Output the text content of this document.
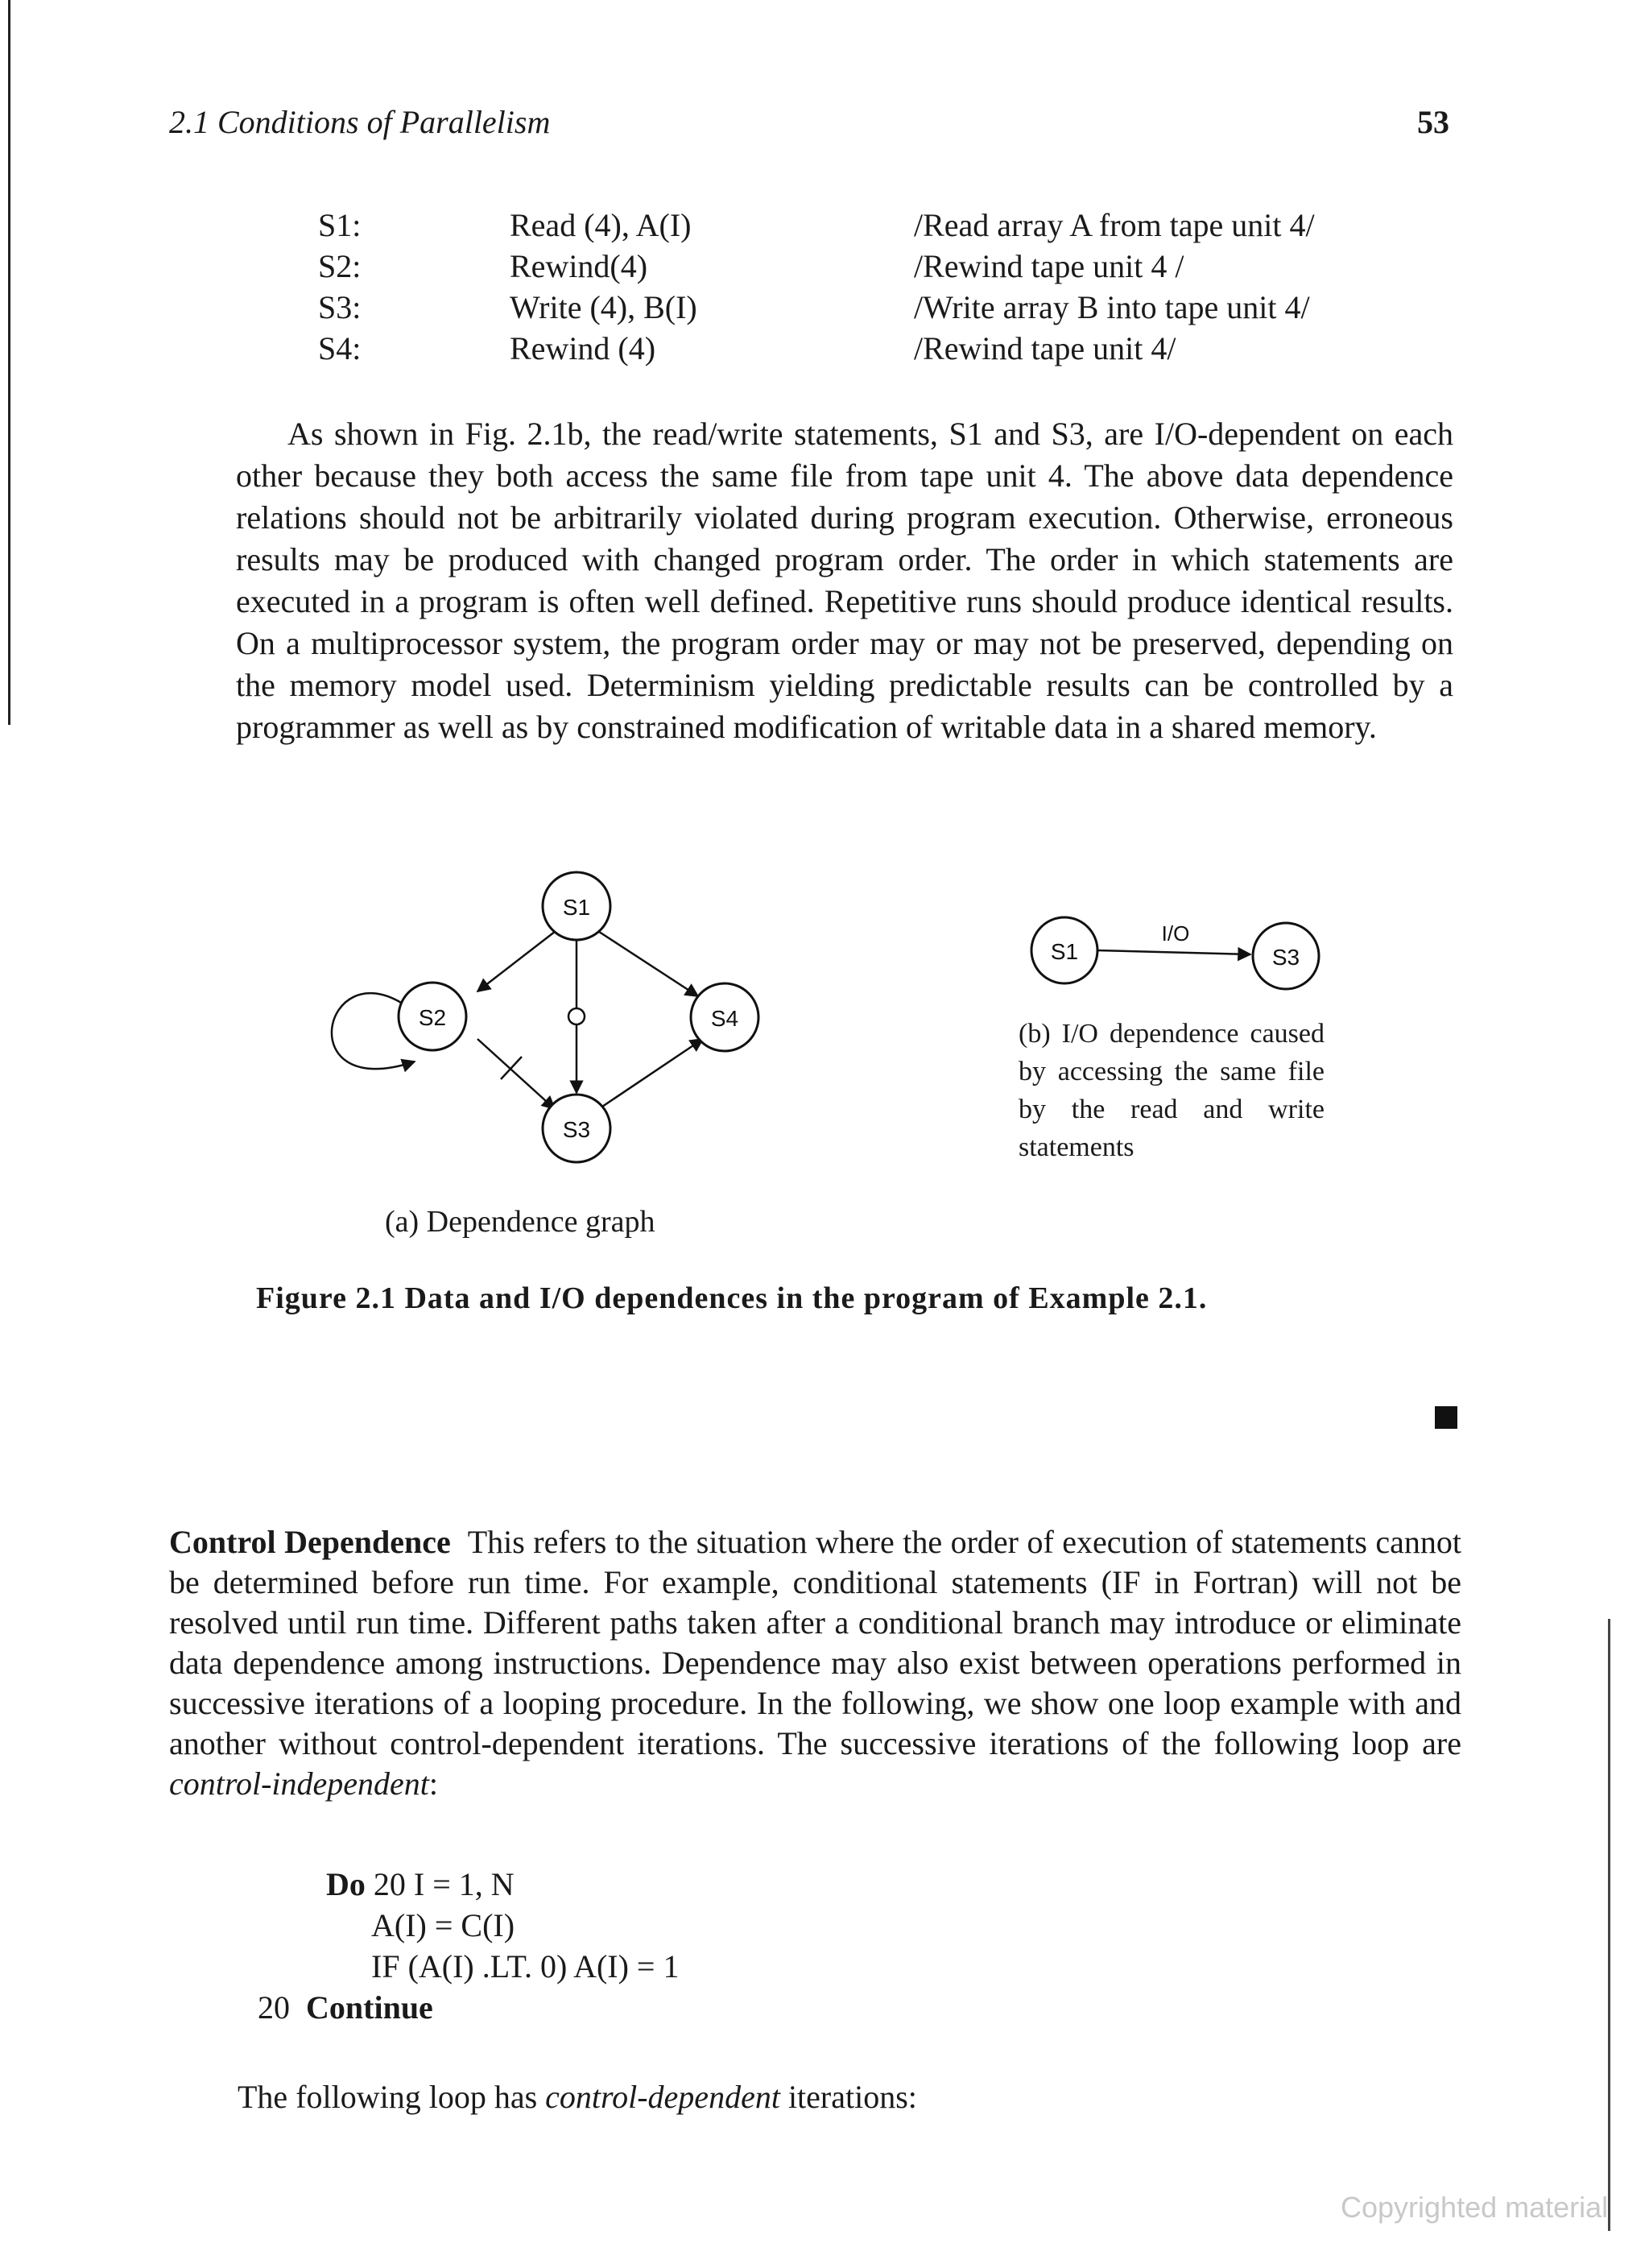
2.1 Conditions of Parallelism	53
S1:	Read (4), A(I)	/Read array A from tape unit 4/
S2:	Rewind(4)	/Rewind tape unit 4 /
S3:	Write (4), B(I)	/Write array B into tape unit 4/
S4:	Rewind (4)	/Rewind tape unit 4/

As shown in Fig. 2.1b, the read/write statements, S1 and S3, are I/O-dependent on each other because they both access the same file from tape unit 4. The above data dependence relations should not be arbitrarily violated during program execution. Otherwise, erroneous results may be produced with changed program order. The order in which statements are executed in a program is often well defined. Repetitive runs should produce identical results. On a multiprocessor system, the program order may or may not be preserved, depending on the memory model used. Determinism yielding predictable results can be controlled by a programmer as well as by constrained modification of writable data in a shared memory.

S1
S2
S3
S4
I/O
S1	S3
(a) Dependence graph
(b) I/O dependence caused by accessing the same file by the read and write statements
Figure 2.1 Data and I/O dependences in the program of Example 2.1.
Control Dependence This refers to the situation where the order of execution of statements cannot be determined before run time. For example, conditional statements (IF in Fortran) will not be resolved until run time. Different paths taken after a conditional branch may introduce or eliminate data dependence among instructions. Dependence may also exist between operations performed in successive iterations of a looping procedure. In the following, we show one loop example with and another without control-dependent iterations. The successive iterations of the following loop are control-independent:
Do 20 I = 1, N
A(I) = C(I)
IF (A(I) .LT. 0) A(I) = 1
20 Continue
The following loop has control-dependent iterations:
Copyrighted material
